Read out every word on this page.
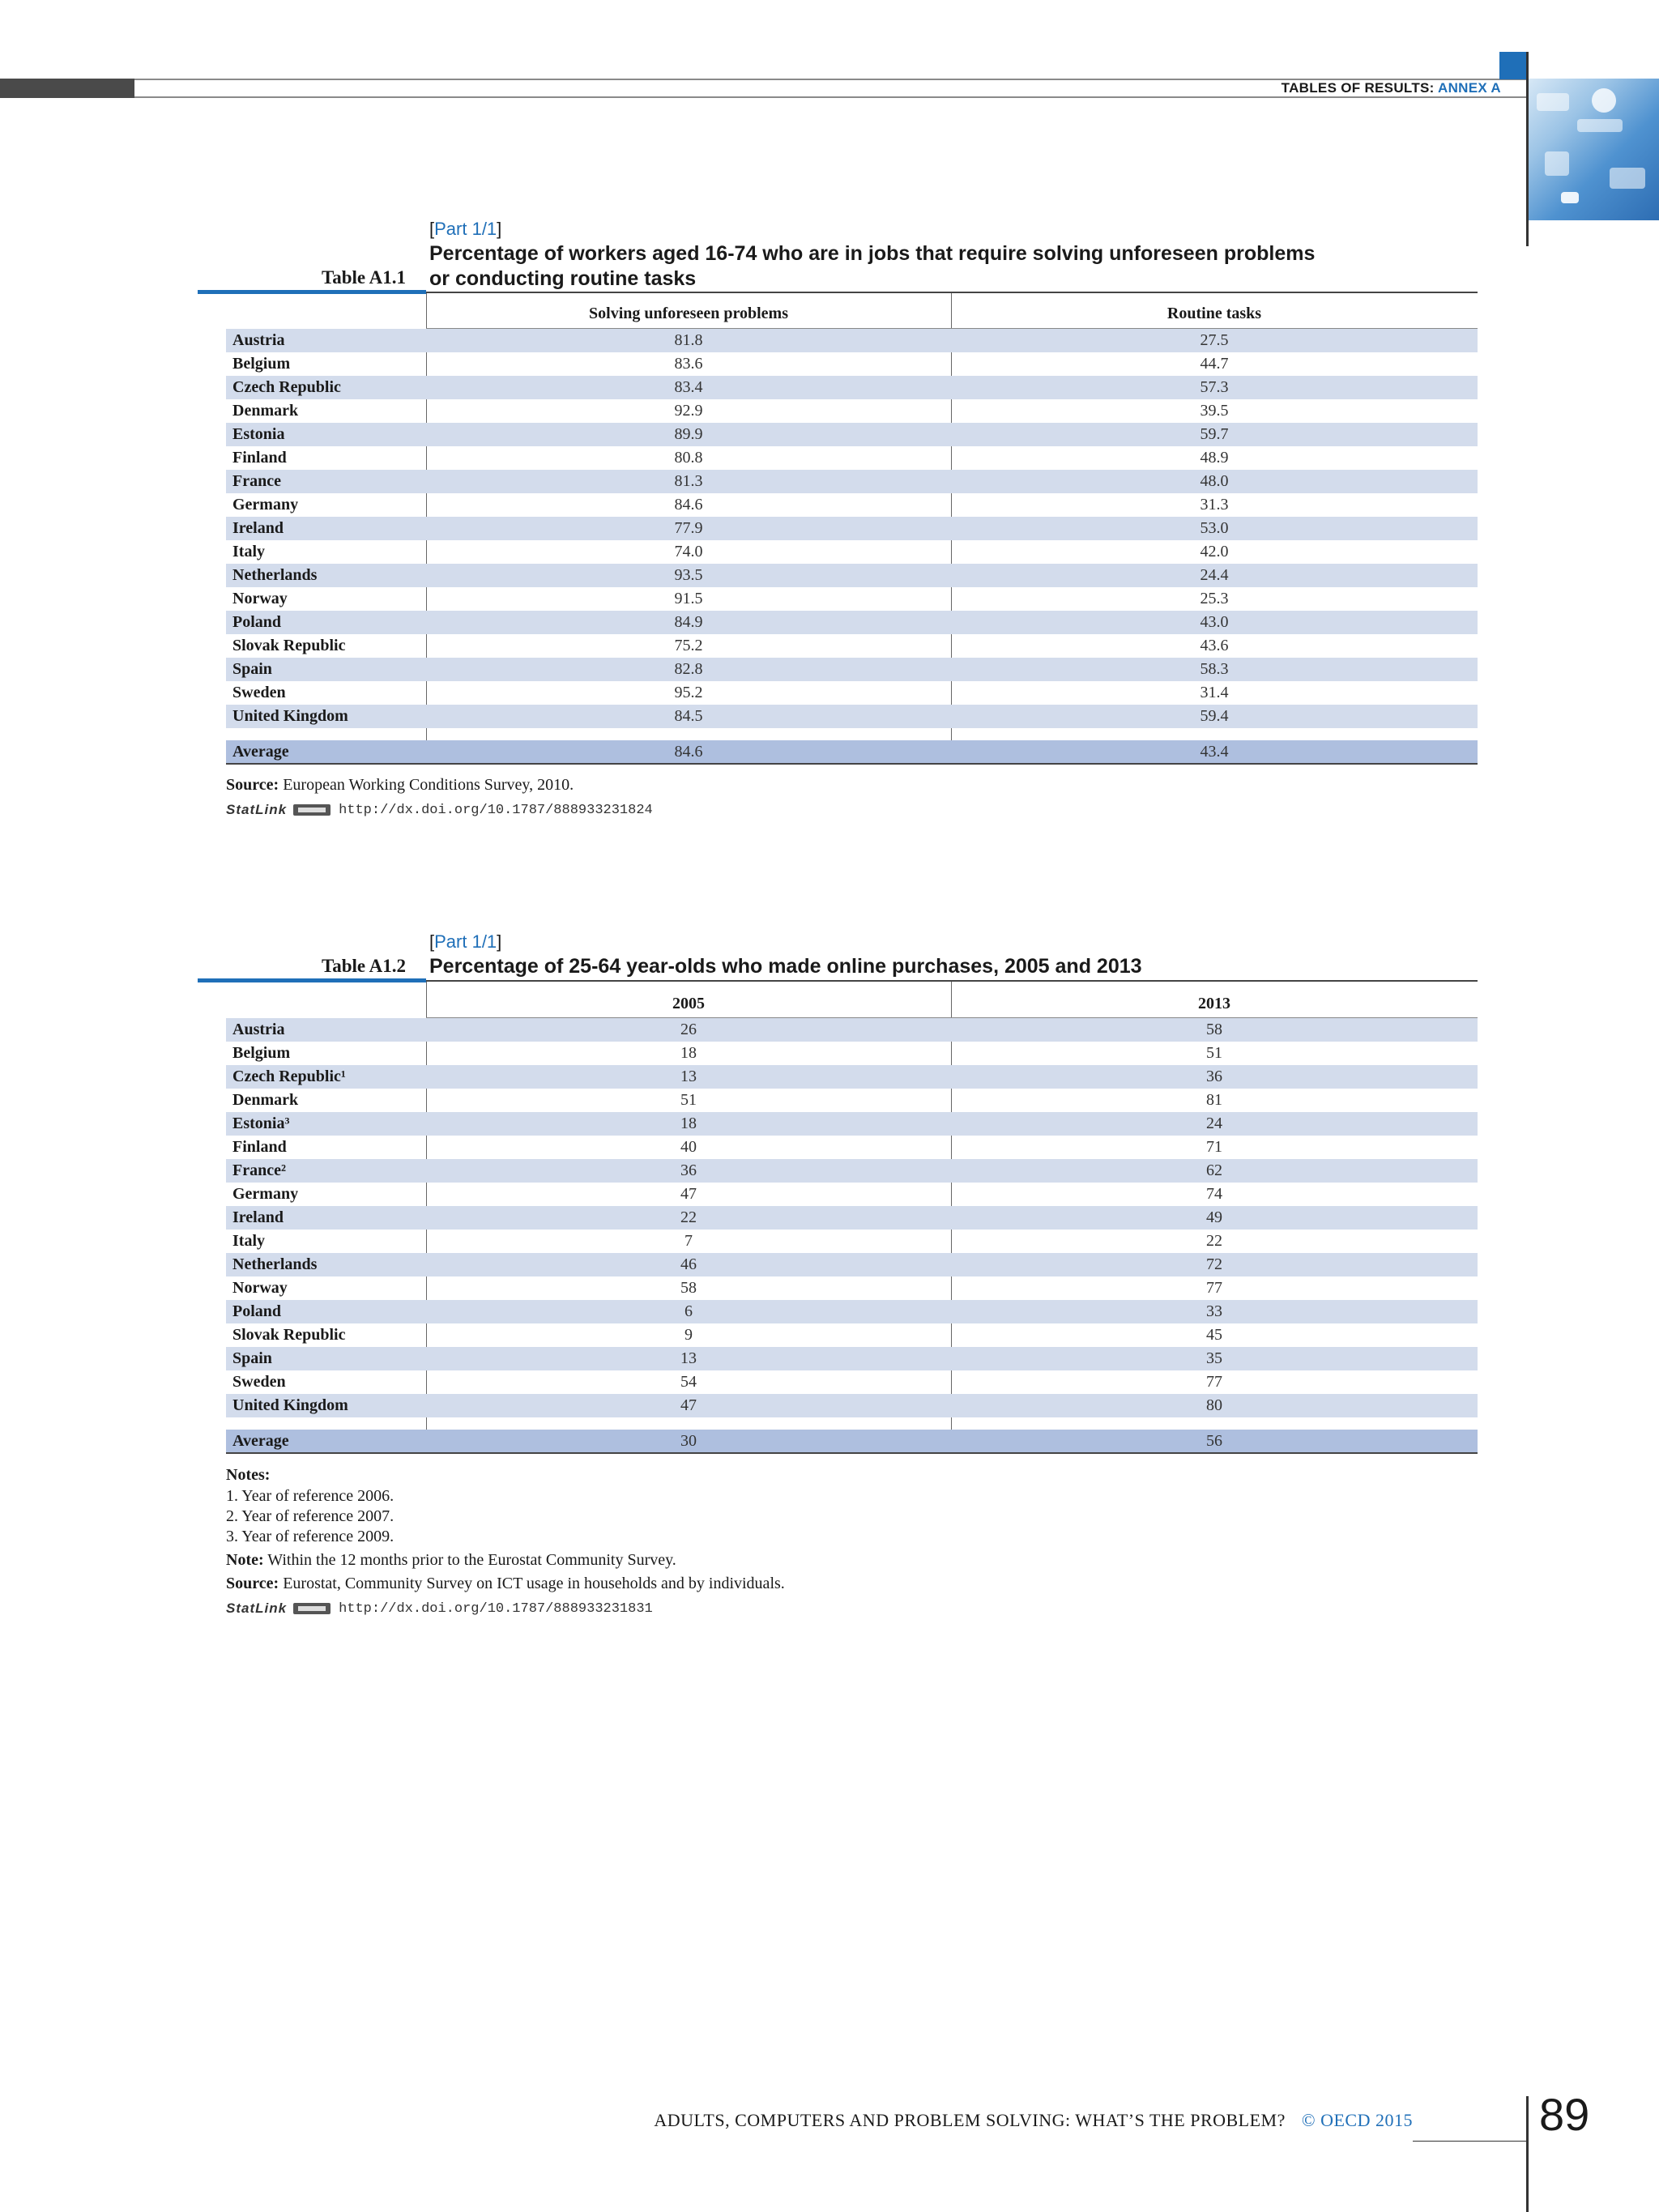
TABLES OF RESULTS: ANNEX A
[Part 1/1]
Percentage of workers aged 16-74 who are in jobs that require solving unforeseen problems
or conducting routine tasks
Table A1.1
Solving unforeseen problems	Routine tasks
Austria	81.8	27.5
Belgium	83.6	44.7
Czech Republic	83.4	57.3
Denmark	92.9	39.5
Estonia	89.9	59.7
Finland	80.8	48.9
France	81.3	48.0
Germany	84.6	31.3
Ireland	77.9	53.0
Italy	74.0	42.0
Netherlands	93.5	24.4
Norway	91.5	25.3
Poland	84.9	43.0
Slovak Republic	75.2	43.6
Spain	82.8	58.3
Sweden	95.2	31.4
United Kingdom	84.5	59.4
Average	84.6	43.4
Source: European Working Conditions Survey, 2010.
StatLink	http://dx.doi.org/10.1787/888933231824
[Part 1/1]
Percentage of 25-64 year-olds who made online purchases, 2005 and 2013
Table A1.2
2005	2013
Austria	26	58
Belgium	18	51
Czech Republic¹	13	36
Denmark	51	81
Estonia³	18	24
Finland	40	71
France²	36	62
Germany	47	74
Ireland	22	49
Italy	7	22
Netherlands	46	72
Norway	58	77
Poland	6	33
Slovak Republic	9	45
Spain	13	35
Sweden	54	77
United Kingdom	47	80
Average	30	56
Notes:
1. Year of reference 2006.
2. Year of reference 2007.
3. Year of reference 2009.
Note: Within the 12 months prior to the Eurostat Community Survey.
Source: Eurostat, Community Survey on ICT usage in households and by individuals.
StatLink	http://dx.doi.org/10.1787/888933231831
ADULTS, COMPUTERS AND PROBLEM SOLVING: WHAT’S THE PROBLEM? © OECD 2015	89
